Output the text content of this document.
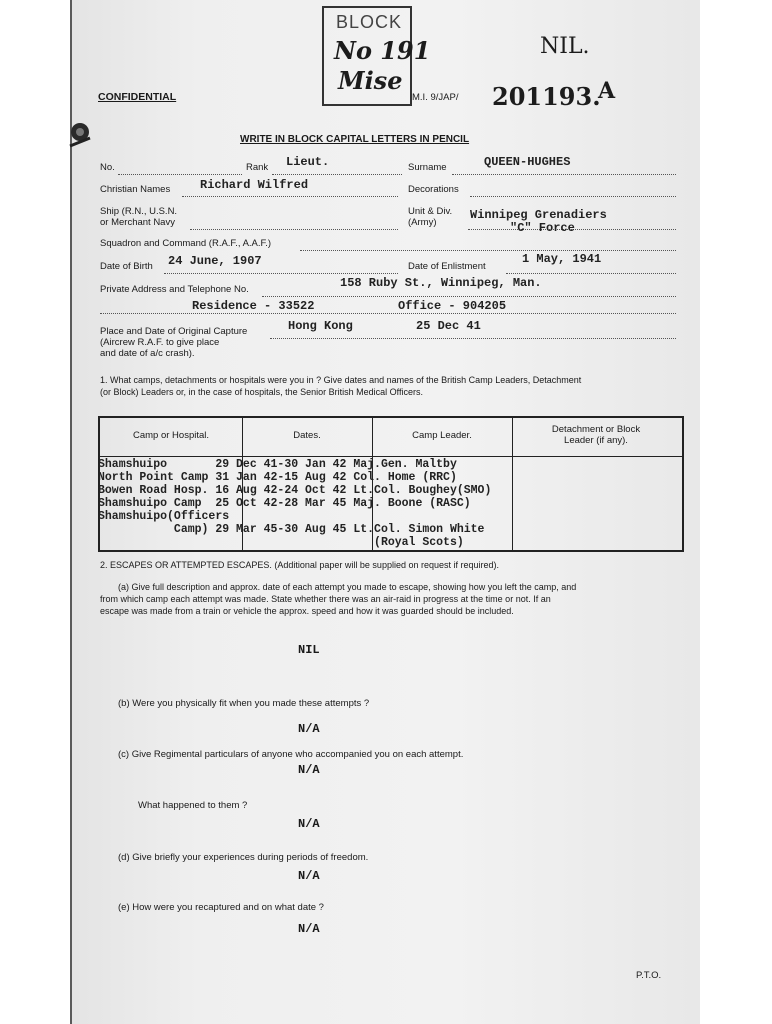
BLOCK
No 191
Mise
NIL.
CONFIDENTIAL	M.I. 9/JAP/ 201193.
A
WRITE IN BLOCK CAPITAL LETTERS IN PENCIL
No.	Rank Lieut.	Surname	QUEEN-HUGHES
Christian Names Richard Wilfred	Decorations
Ship (R.N., U.S.N.
or Merchant Navy
Unit & Div.
(Army)
Winnipeg Grenadiers
"C" Force
Squadron and Command (R.A.F., A.A.F.)
Date of Birth 24 June, 1907	Date of Enlistment
1 May, 1941
Private Address and Telephone No.	158 Ruby St., Winnipeg, Man.
Residence - 33522	Office - 904205
Place and Date of Original Capture
(Aircrew R.A.F. to give place
and date of a/c crash).
Hong Kong	25 Dec 41
1. What camps, detachments or hospitals were you in ? Give dates and names of the British Camp Leaders, Detachment
(or Block) Leaders or, in the case of hospitals, the Senior British Medical Officers.
Camp or Hospital.	Dates.	Camp Leader.
Detachment or Block
Leader (if any).
Shamshuipo       29 Dec 41-30 Jan 42 Maj.Gen. Maltby
North Point Camp 31 Jan 42-15 Aug 42 Col. Home (RRC)
Bowen Road Hosp. 16 Aug 42-24 Oct 42 Lt.Col. Boughey(SMO)
Shamshuipo Camp  25 Oct 42-28 Mar 45 Maj. Boone (RASC)
Shamshuipo(Officers
Camp) 29 Mar 45-30 Aug 45 Lt.Col. Simon White
(Royal Scots)
2. ESCAPES OR ATTEMPTED ESCAPES. (Additional paper will be supplied on request if required).
(a) Give full description and approx. date of each attempt you made to escape, showing how you left the camp, and
from which camp each attempt was made. State whether there was an air-raid in progress at the time or not. If an
escape was made from a train or vehicle the approx. speed and how it was guarded should be included.
NIL
(b) Were you physically fit when you made these attempts ?
N/A
(c) Give Regimental particulars of anyone who accompanied you on each attempt.
N/A
What happened to them ?
N/A
(d) Give briefly your experiences during periods of freedom.
N/A
(e) How were you recaptured and on what date ?
N/A
P.T.O.
